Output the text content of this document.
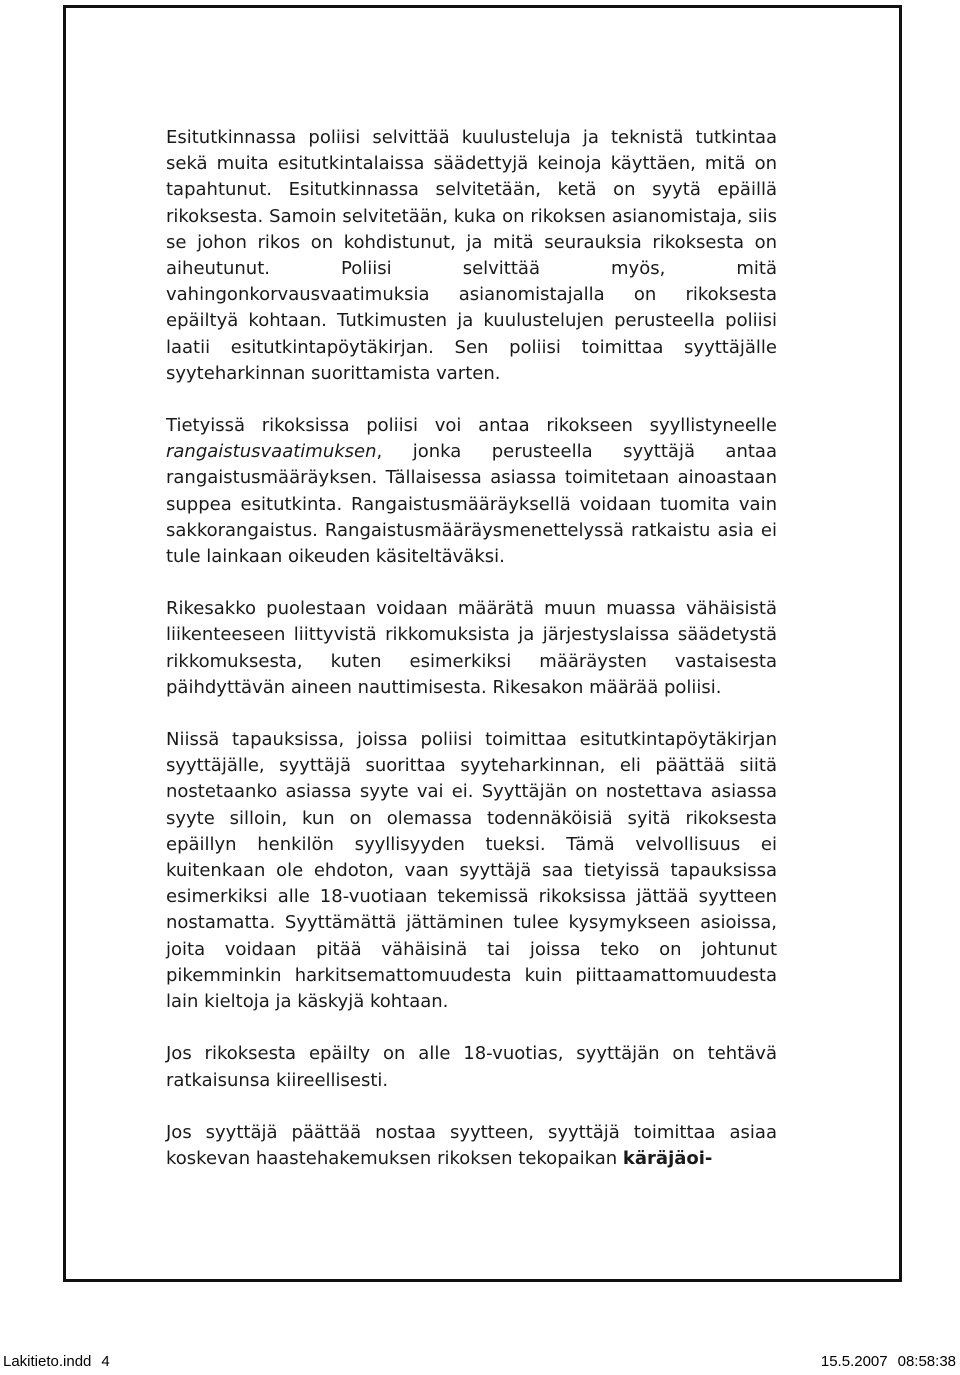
Esitutkinnassa poliisi selvittää kuulusteluja ja teknistä tutkintaa sekä muita esitutkintalaissa säädettyjä keinoja käyttäen, mitä on tapahtunut. Esitutkinnassa selvitetään, ketä on syytä epäillä rikoksesta. Samoin selvitetään, kuka on rikoksen asianomistaja, siis se johon rikos on kohdistunut, ja mitä seurauksia rikoksesta on aiheutunut. Poliisi selvittää myös, mitä vahingonkorvausvaatimuksia asianomistajalla on rikoksesta epäiltyä kohtaan. Tutkimusten ja kuulustelujen perusteella poliisi laatii esitutkintapöytäkirjan. Sen poliisi toimittaa syyttäjälle syyteharkinnan suorittamista varten.

Tietyissä rikoksissa poliisi voi antaa rikokseen syyllistyneelle rangaistusvaatimuksen, jonka perusteella syyttäjä antaa rangaistusmääräyksen. Tällaisessa asiassa toimitetaan ainoastaan suppea esitutkinta. Rangaistusmääräyksellä voidaan tuomita vain sakkorangaistus. Rangaistusmääräysmenettelyssä ratkaistu asia ei tule lainkaan oikeuden käsiteltäväksi.

Rikesakko puolestaan voidaan määrätä muun muassa vähäisistä liikenteeseen liittyvistä rikkomuksista ja järjestyslaissa säädetystä rikkomuksesta, kuten esimerkiksi määräysten vastaisesta päihdyttävän aineen nauttimisesta. Rikesakon määrää poliisi.

Niissä tapauksissa, joissa poliisi toimittaa esitutkintapöytäkirjan syyttäjälle, syyttäjä suorittaa syyteharkinnan, eli päättää siitä nostetaanko asiassa syyte vai ei. Syyttäjän on nostettava asiassa syyte silloin, kun on olemassa todennäköisiä syitä rikoksesta epäillyn henkilön syyllisyyden tueksi. Tämä velvollisuus ei kuitenkaan ole ehdoton, vaan syyttäjä saa tietyissä tapauksissa esimerkiksi alle 18-vuotiaan tekemissä rikoksissa jättää syytteen nostamatta. Syyttämättä jättäminen tulee kysymykseen asioissa, joita voidaan pitää vähäisinä tai joissa teko on johtunut pikemminkin harkitsemattomuudesta kuin piittaamattomuudesta lain kieltoja ja käskyjä kohtaan.

Jos rikoksesta epäilty on alle 18-vuotias, syyttäjän on tehtävä ratkaisunsa kiireellisesti.

Jos syyttäjä päättää nostaa syytteen, syyttäjä toimittaa asiaa koskevan haastehakemuksen rikoksen tekopaikan käräjäoi-

Lakitieto.indd 4	15.5.2007 08:58:38
